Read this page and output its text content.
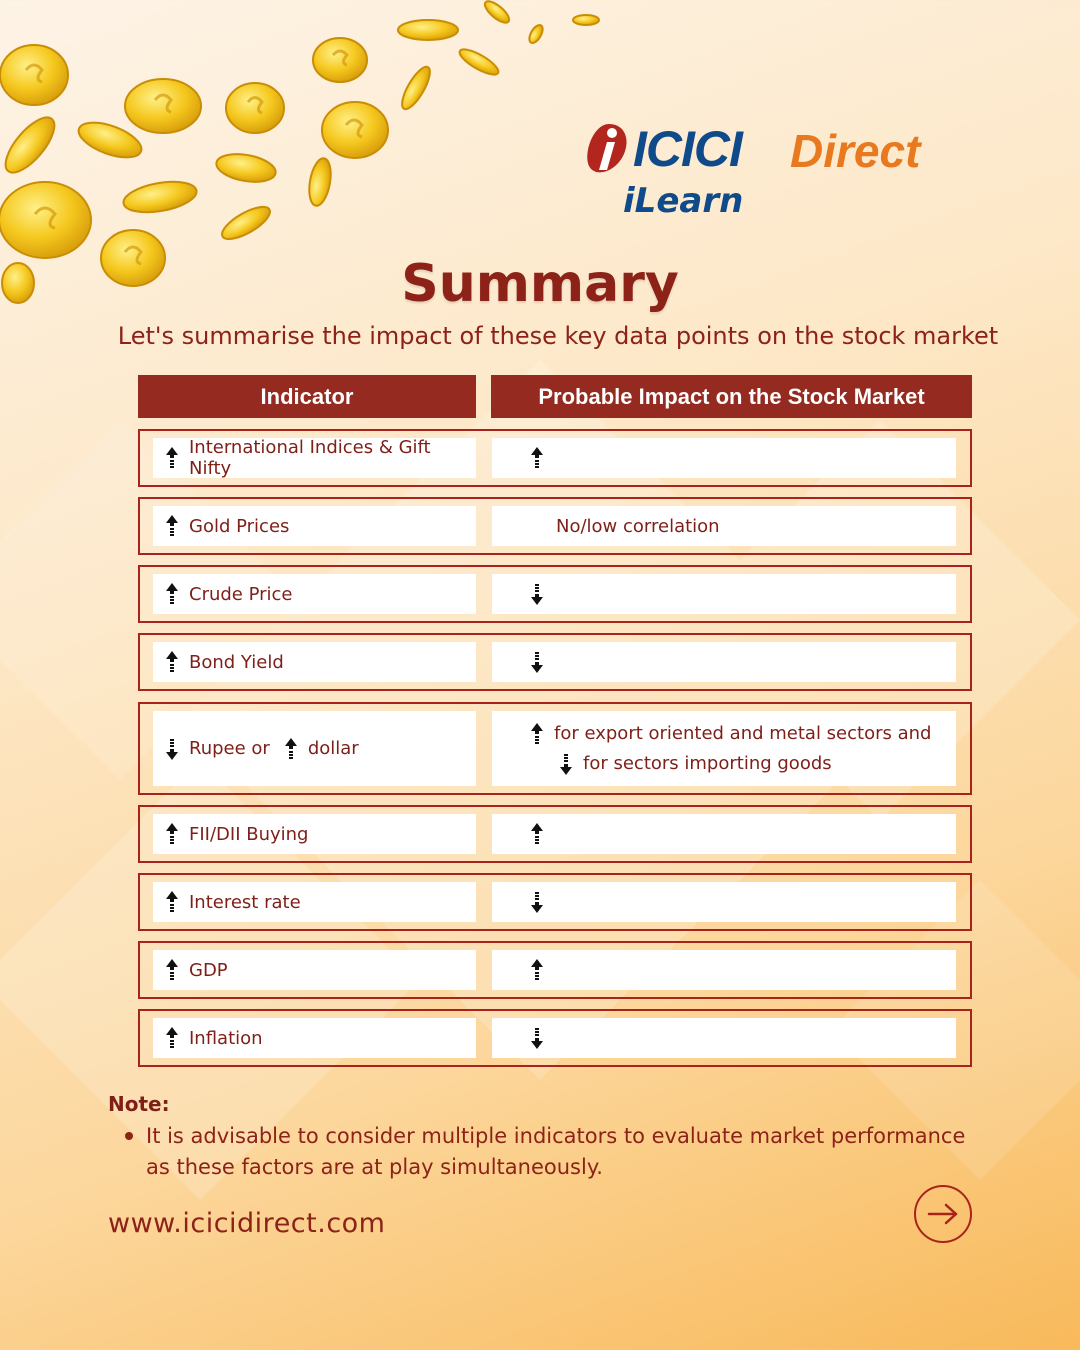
ICICI Direct
iLearn
Summary
Let's summarise the impact of these key data points on the stock market
Indicator	Probable Impact on the Stock Market
International Indices & Gift Nifty
Gold Prices	No/low correlation
Crude Price
Bond Yield
Rupee or dollar
for export oriented and metal sectors and
for sectors importing goods
FII/DII Buying
Interest rate
GDP
Inflation
Note:
It is advisable to consider multiple indicators to evaluate market performance as these factors are at play simultaneously.
www.icicidirect.com
